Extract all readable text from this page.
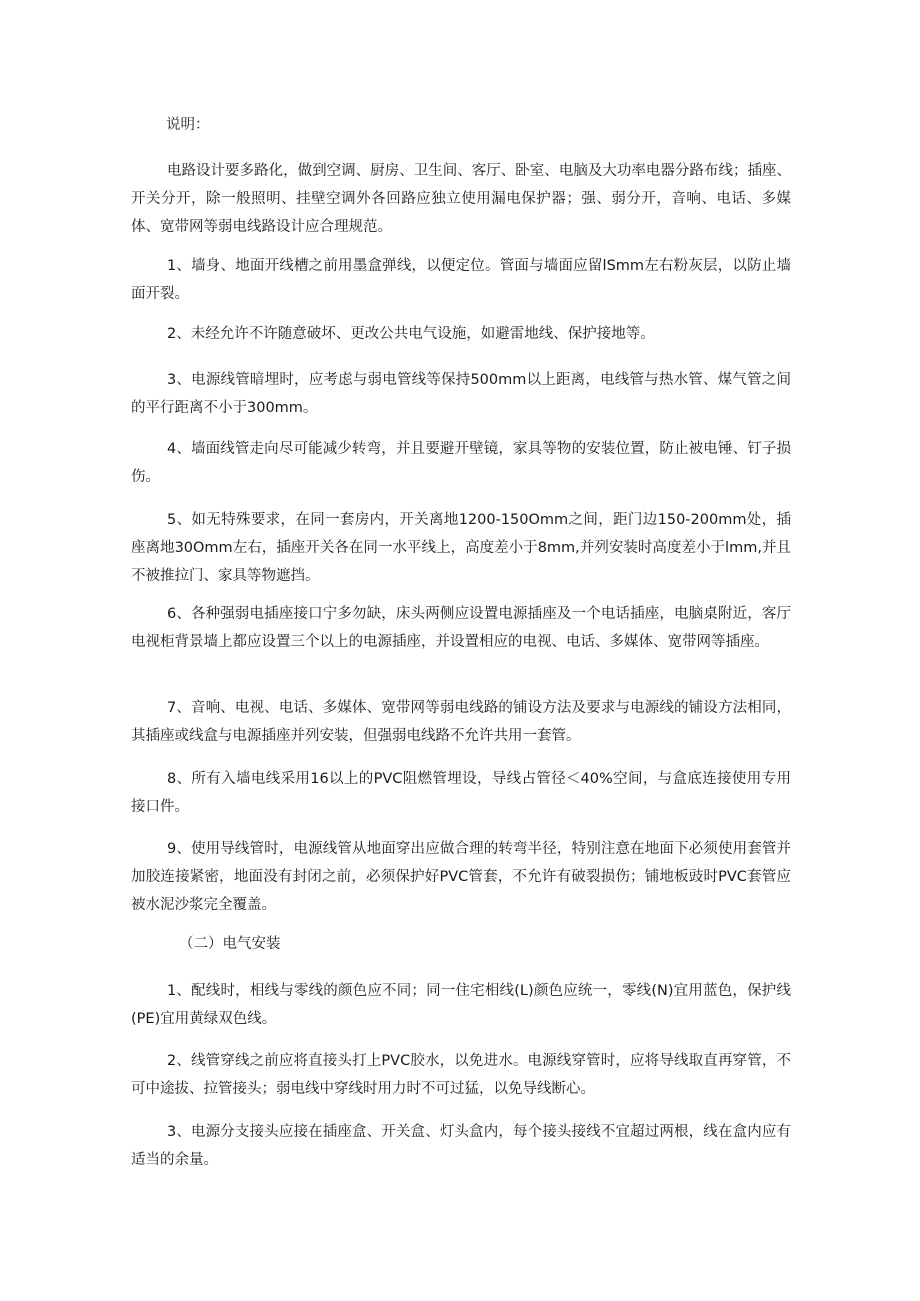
说明：

电路设计要多路化，做到空调、厨房、卫生间、客厅、卧室、电脑及大功率电器分路布线；插座、开关分开，除一般照明、挂壁空调外各回路应独立使用漏电保护器；强、弱分开，音响、电话、多媒体、宽带网等弱电线路设计应合理规范。

1、墙身、地面开线槽之前用墨盒弹线，以便定位。管面与墙面应留lSmm左右粉灰层，以防止墙面开裂。

2、未经允许不许随意破坏、更改公共电气设施，如避雷地线、保护接地等。

3、电源线管暗埋时，应考虑与弱电管线等保持500mm以上距离，电线管与热水管、煤气管之间的平行距离不小于300mm。

4、墙面线管走向尽可能减少转弯，并且要避开壁镜，家具等物的安装位置，防止被电锤、钉子损伤。

5、如无特殊要求，在同一套房内，开关离地1200-150Omm之间，距门边150-200mm处，插座离地30Omm左右，插座开关各在同一水平线上，高度差小于8mm,并列安装时高度差小于lmm,并且不被推拉门、家具等物遮挡。

6、各种强弱电插座接口宁多勿缺，床头两侧应设置电源插座及一个电话插座，电脑桌附近，客厅电视柜背景墙上都应设置三个以上的电源插座，并设置相应的电视、电话、多媒体、宽带网等插座。

7、音响、电视、电话、多媒体、宽带网等弱电线路的铺设方法及要求与电源线的铺设方法相同，其插座或线盒与电源插座并列安装，但强弱电线路不允许共用一套管。

8、所有入墙电线采用16以上的PVC阻燃管埋设，导线占管径＜40%空间，与盒底连接使用专用接口件。

9、使用导线管时，电源线管从地面穿出应做合理的转弯半径，特别注意在地面下必须使用套管并加胶连接紧密，地面没有封闭之前，必须保护好PVC管套，不允许有破裂损伤；铺地板豉时PVC套管应被水泥沙浆完全覆盖。

（二）电气安装

1、配线时，相线与零线的颜色应不同；同一住宅相线(L)颜色应统一，零线(N)宜用蓝色，保护线(PE)宜用黄绿双色线。

2、线管穿线之前应将直接头打上PVC胶水，以免进水。电源线穿管时，应将导线取直再穿管，不可中途拔、拉管接头；弱电线中穿线时用力时不可过猛，以免导线断心。

3、电源分支接头应接在插座盒、开关盒、灯头盒内，每个接头接线不宜超过两根，线在盒内应有适当的余量。
